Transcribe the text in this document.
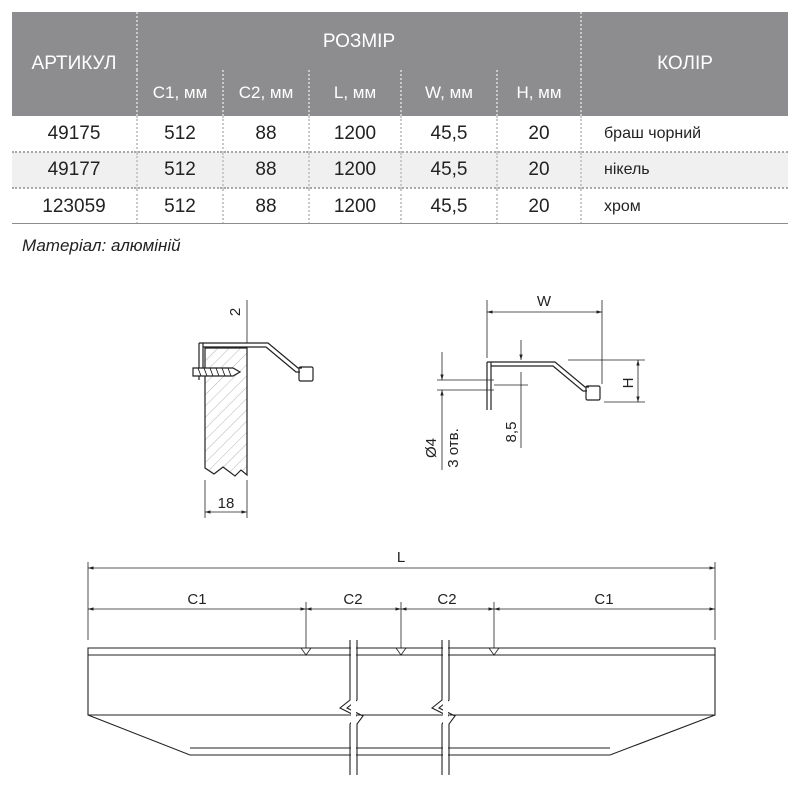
АРТИКУЛ	РОЗМІР					КОЛІР
	C1, мм	C2, мм	L, мм	W, мм	H, мм	
49175	512	88	1200	45,5	20	браш чорний
49177	512	88	1200	45,5	20	нікель
123059	512	88	1200	45,5	20	хром
Матеріал: алюміній
2
18
W
H
8,5
Ø4 3 отв.
L
C1	C2	C2	C1
